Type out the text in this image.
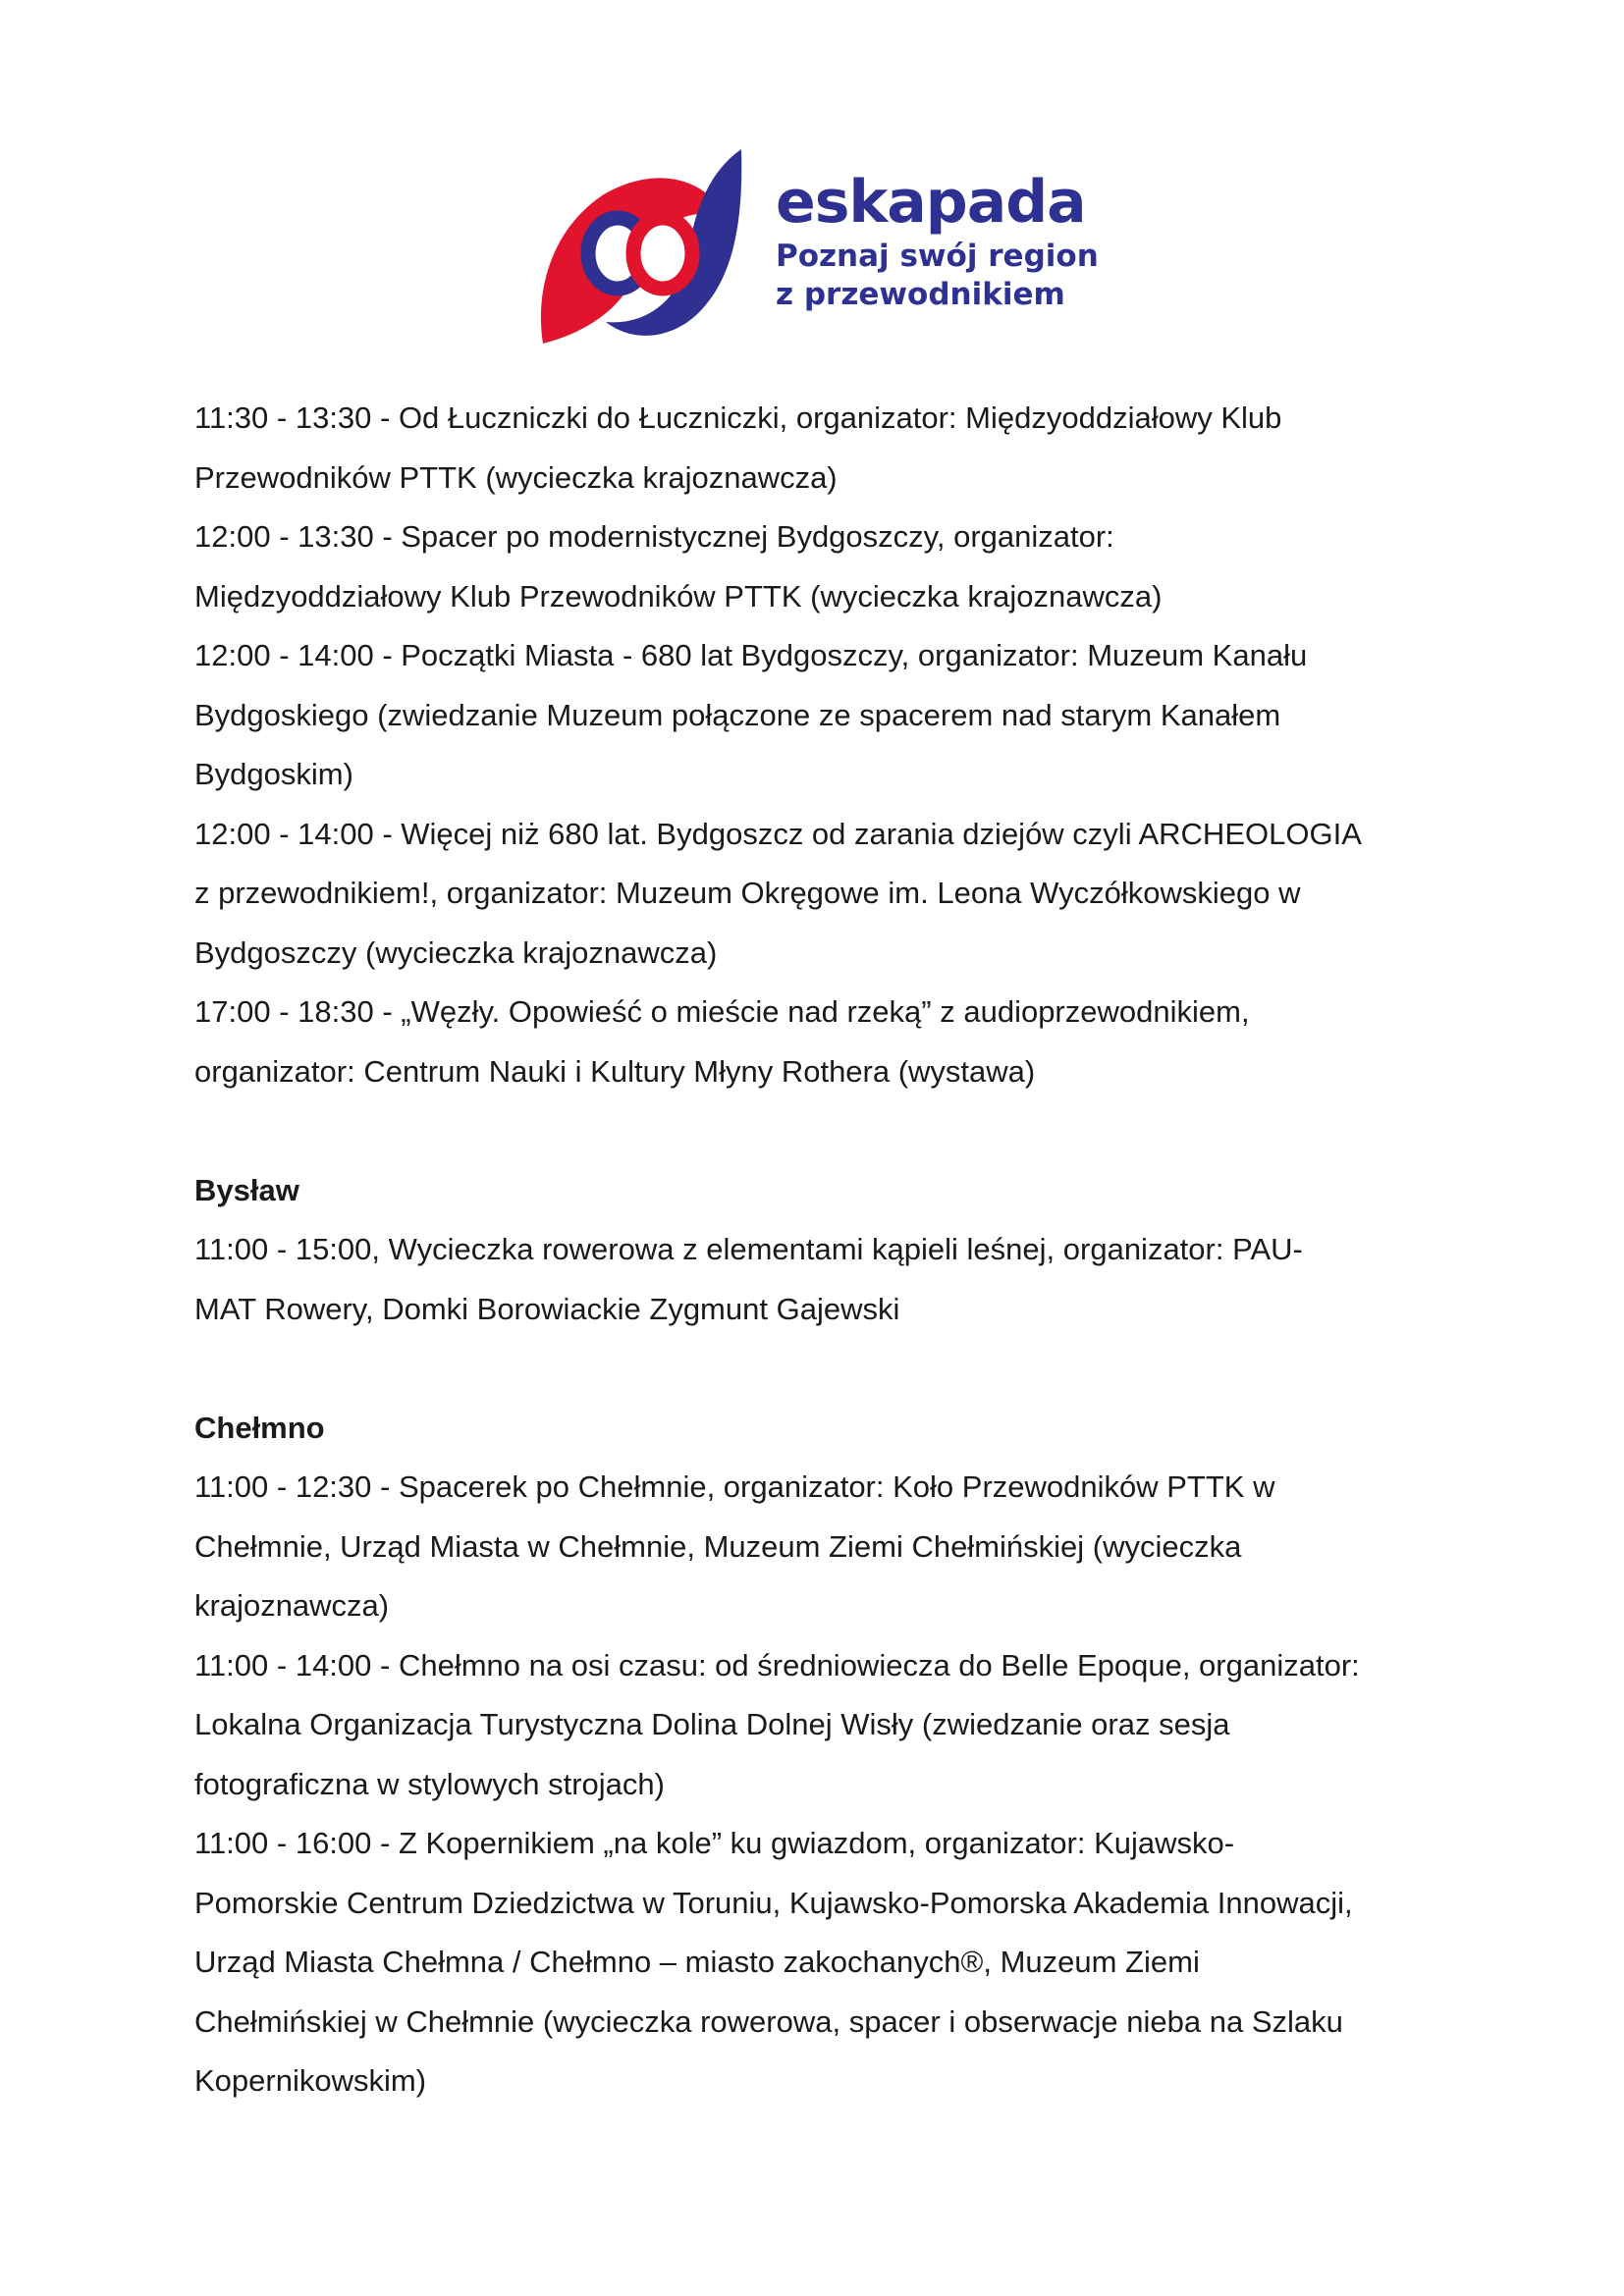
eskapada
Poznaj swój region
z przewodnikiem
11:30 - 13:30 - Od Łuczniczki do Łuczniczki, organizator: Międzyoddziałowy Klub
Przewodników PTTK (wycieczka krajoznawcza)
12:00 - 13:30 - Spacer po modernistycznej Bydgoszczy, organizator:
Międzyoddziałowy Klub Przewodników PTTK (wycieczka krajoznawcza)
12:00 - 14:00 - Początki Miasta - 680 lat Bydgoszczy, organizator: Muzeum Kanału
Bydgoskiego (zwiedzanie Muzeum połączone ze spacerem nad starym Kanałem
Bydgoskim)
12:00 - 14:00 - Więcej niż 680 lat. Bydgoszcz od zarania dziejów czyli ARCHEOLOGIA
z przewodnikiem!, organizator: Muzeum Okręgowe im. Leona Wyczółkowskiego w
Bydgoszczy (wycieczka krajoznawcza)
17:00 - 18:30 - „Węzły. Opowieść o mieście nad rzeką” z audioprzewodnikiem,
organizator: Centrum Nauki i Kultury Młyny Rothera (wystawa)
Bysław
11:00 - 15:00, Wycieczka rowerowa z elementami kąpieli leśnej, organizator: PAU-
MAT Rowery, Domki Borowiackie Zygmunt Gajewski
Chełmno
11:00 - 12:30 - Spacerek po Chełmnie, organizator: Koło Przewodników PTTK w
Chełmnie, Urząd Miasta w Chełmnie, Muzeum Ziemi Chełmińskiej (wycieczka
krajoznawcza)
11:00 - 14:00 - Chełmno na osi czasu: od średniowiecza do Belle Epoque, organizator:
Lokalna Organizacja Turystyczna Dolina Dolnej Wisły (zwiedzanie oraz sesja
fotograficzna w stylowych strojach)
11:00 - 16:00 - Z Kopernikiem „na kole” ku gwiazdom, organizator: Kujawsko-
Pomorskie Centrum Dziedzictwa w Toruniu, Kujawsko-Pomorska Akademia Innowacji,
Urząd Miasta Chełmna / Chełmno – miasto zakochanych®, Muzeum Ziemi
Chełmińskiej w Chełmnie (wycieczka rowerowa, spacer i obserwacje nieba na Szlaku
Kopernikowskim)
